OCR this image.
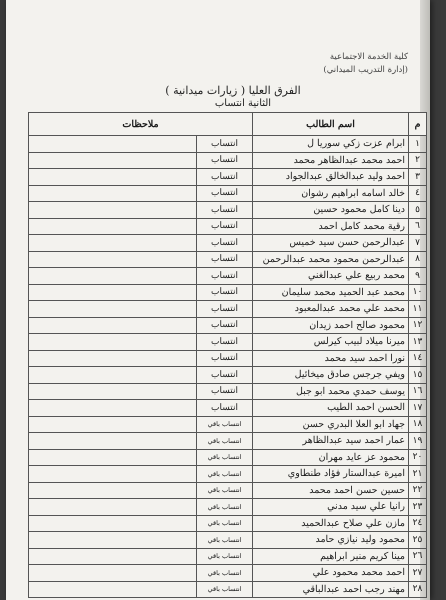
كلية الخدمة الاجتماعية
(إدارة التدريب الميداني)
الفرق العليا ( زيارات ميدانية )
الثانية انتساب
م	اسم الطالب	ملاحظات	
١	ابرام عزت زكي سوريا ل	انتساب	
٢	احمد محمد عبدالظاهر محمد	انتساب	
٣	احمد وليد عبدالخالق عبدالجواد	انتساب	
٤	خالد اسامه ابراهيم رشوان	انتساب	
٥	دينا كامل محمود حسين	انتساب	
٦	رقية محمد كامل احمد	انتساب	
٧	عبدالرحمن حسن سيد خميس	انتساب	
٨	عبدالرحمن محمود محمد عبدالرحمن	انتساب	
٩	محمد ربيع علي عبدالغني	انتساب	
١٠	محمد عبد الحميد محمد سليمان	انتساب	
١١	محمد علي محمد عبدالمعبود	انتساب	
١٢	محمود صالح احمد زيدان	انتساب	
١٣	ميرنا ميلاد لبيب كيرلس	انتساب	
١٤	نورا احمد سيد محمد	انتساب	
١٥	ويفي جرجس صادق ميخائيل	انتساب	
١٦	يوسف حمدي محمد ابو جبل	انتساب	
١٧	الحسن احمد الطيب	انتساب	
١٨	جهاد ابو العلا البدري حسن	انتساب باقي	
١٩	عمار احمد سيد عبدالظاهر	انتساب باقي	
٢٠	محمود عز عايد مهران	انتساب باقي	
٢١	اميرة عبدالستار فؤاد طنطاوي	انتساب باقي	
٢٢	حسين حسن احمد محمد	انتساب باقي	
٢٣	رانيا علي سيد مدني	انتساب باقي	
٢٤	مازن علي صلاح عبدالحميد	انتساب باقي	
٢٥	محمود وليد نيازي حامد	انتساب باقي	
٢٦	مينا كريم منير ابراهيم	انتساب باقي	
٢٧	احمد محمد محمود علي	انتساب باقي	
٢٨	مهند رجب احمد عبدالباقي	انتساب باقي	
